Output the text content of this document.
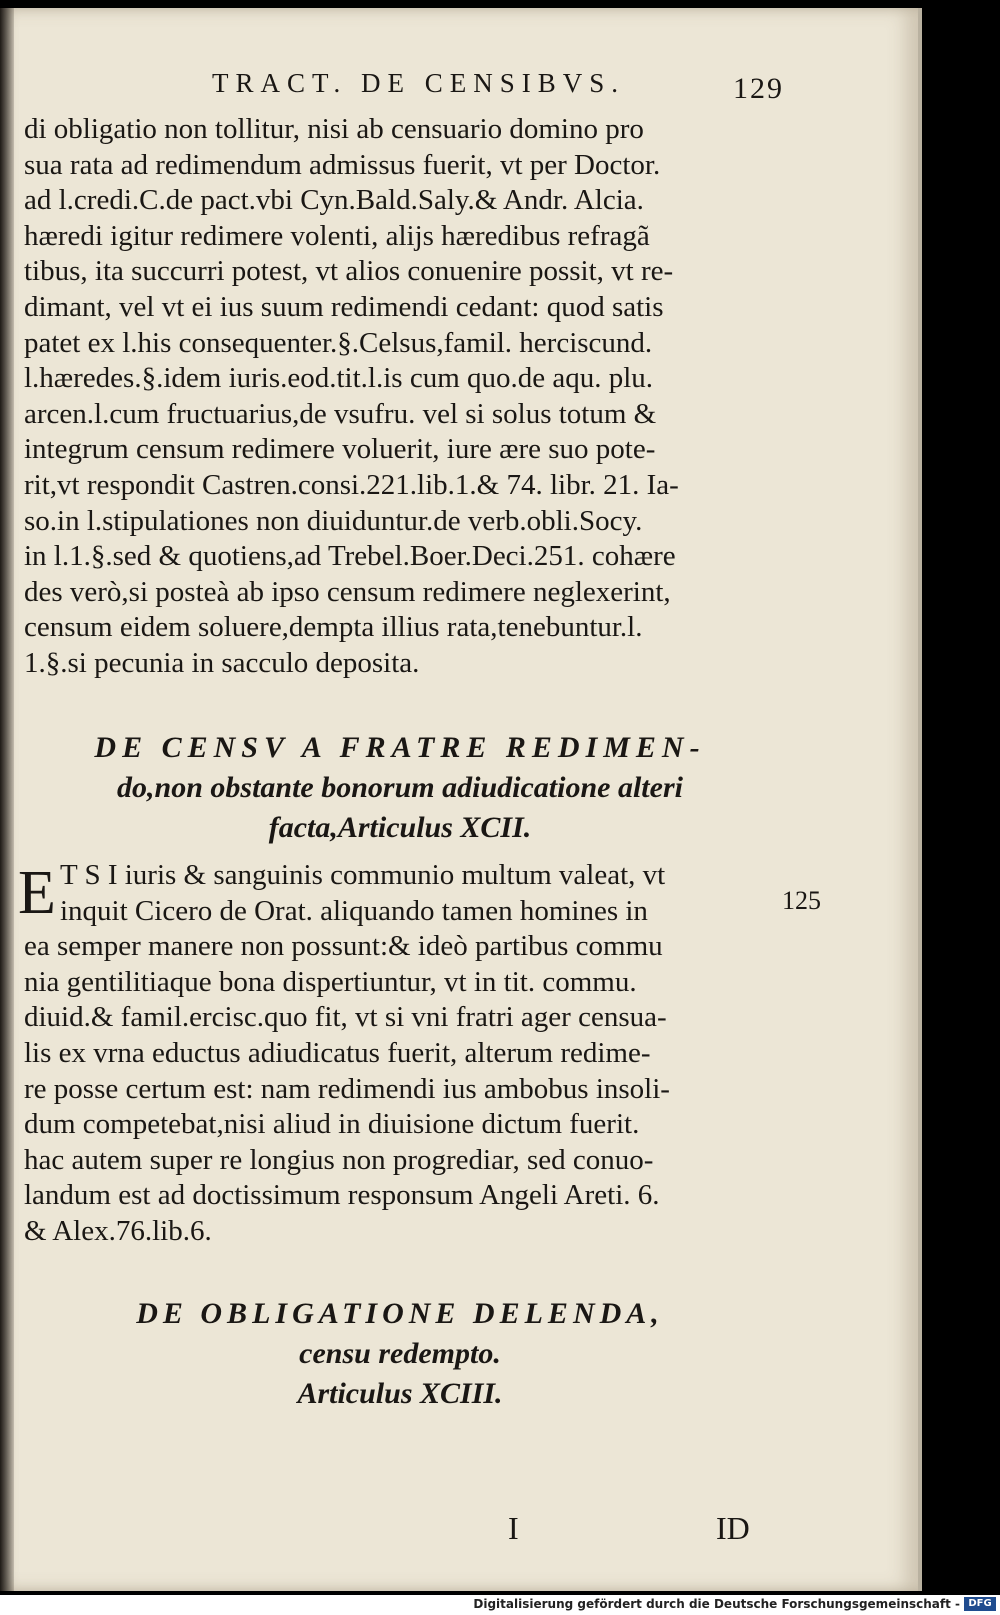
TRACT. DE CENSIBVS.	129
di obligatio non tollitur, nisi ab censuario domino pro
sua rata ad redimendum admissus fuerit, vt per Doctor.
ad l.credi.C.de pact.vbi Cyn.Bald.Saly.& Andr. Alcia.
hæredi igitur redimere volenti, alijs hæredibus refragã
tibus, ita succurri potest, vt alios conuenire possit, vt re-
dimant, vel vt ei ius suum redimendi cedant: quod satis
patet ex l.his consequenter.§.Celsus,famil. herciscund.
l.hæredes.§.idem iuris.eod.tit.l.is cum quo.de aqu. plu.
arcen.l.cum fructuarius,de vsufru. vel si solus totum &
integrum censum redimere voluerit, iure ære suo pote-
rit,vt respondit Castren.consi.221.lib.1.& 74. libr. 21. Ia-
so.in l.stipulationes non diuiduntur.de verb.obli.Socy.
in l.1.§.sed & quotiens,ad Trebel.Boer.Deci.251. cohære
des verò,si posteà ab ipso censum redimere neglexerint,
censum eidem soluere,dempta illius rata,tenebuntur.l.
1.§.si pecunia in sacculo deposita.
DE CENSV A FRATRE REDIMEN-
do,non obstante bonorum adiudicatione alteri
facta,Articulus XCII.
E T S I iuris & sanguinis communio multum valeat, vt
inquit Cicero de Orat. aliquando tamen homines in
ea semper manere non possunt:& ideò partibus commu
nia gentilitiaque bona dispertiuntur, vt in tit. commu.
diuid.& famil.ercisc.quo fit, vt si vni fratri ager censua-
lis ex vrna eductus adiudicatus fuerit, alterum redime-
re posse certum est: nam redimendi ius ambobus insoli-
dum competebat,nisi aliud in diuisione dictum fuerit.
hac autem super re longius non progrediar, sed conuo-
landum est ad doctissimum responsum Angeli Areti. 6.
& Alex.76.lib.6.
125
DE OBLIGATIONE DELENDA,
censu redempto.
Articulus XCIII.
I	ID
Digitalisierung gefördert durch die Deutsche Forschungsgemeinschaft - DFG
